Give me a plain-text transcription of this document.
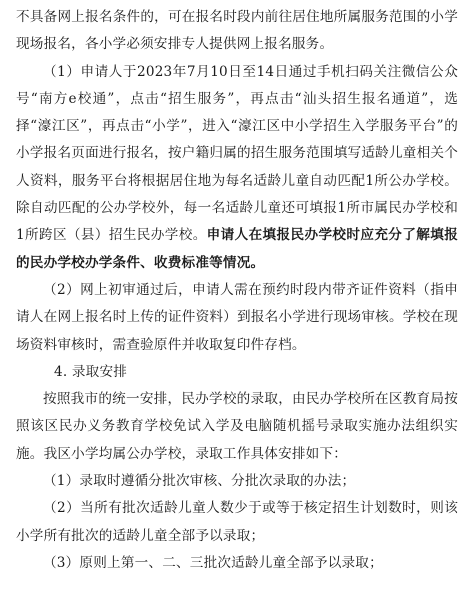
不具备网上报名条件的，可在报名时段内前往居住地所属服务范围的小学现场报名，各小学必须安排专人提供网上报名服务。

（1）申请人于2023年7月10日至14日通过手机扫码关注微信公众号“南方e校通”，点击“招生服务”，再点击“汕头招生报名通道”，选择“濠江区”，再点击“小学”，进入“濠江区中小学招生入学服务平台”的小学报名页面进行报名，按户籍归属的招生服务范围填写适龄儿童相关个人资料，服务平台将根据居住地为每名适龄儿童自动匹配1所公办学校。除自动匹配的公办学校外，每一名适龄儿童还可填报1所市属民办学校和1所跨区（县）招生民办学校。申请人在填报民办学校时应充分了解填报的民办学校办学条件、收费标准等情况。

（2）网上初审通过后，申请人需在预约时段内带齐证件资料（指申请人在网上报名时上传的证件资料）到报名小学进行现场审核。学校在现场资料审核时，需查验原件并收取复印件存档。

4. 录取安排

按照我市的统一安排，民办学校的录取，由民办学校所在区教育局按照该区民办义务教育学校免试入学及电脑随机摇号录取实施办法组织实施。我区小学均属公办学校，录取工作具体安排如下：

（1）录取时遵循分批次审核、分批次录取的办法；

（2）当所有批次适龄儿童人数少于或等于核定招生计划数时，则该小学所有批次的适龄儿童全部予以录取；

（3）原则上第一、二、三批次适龄儿童全部予以录取；
